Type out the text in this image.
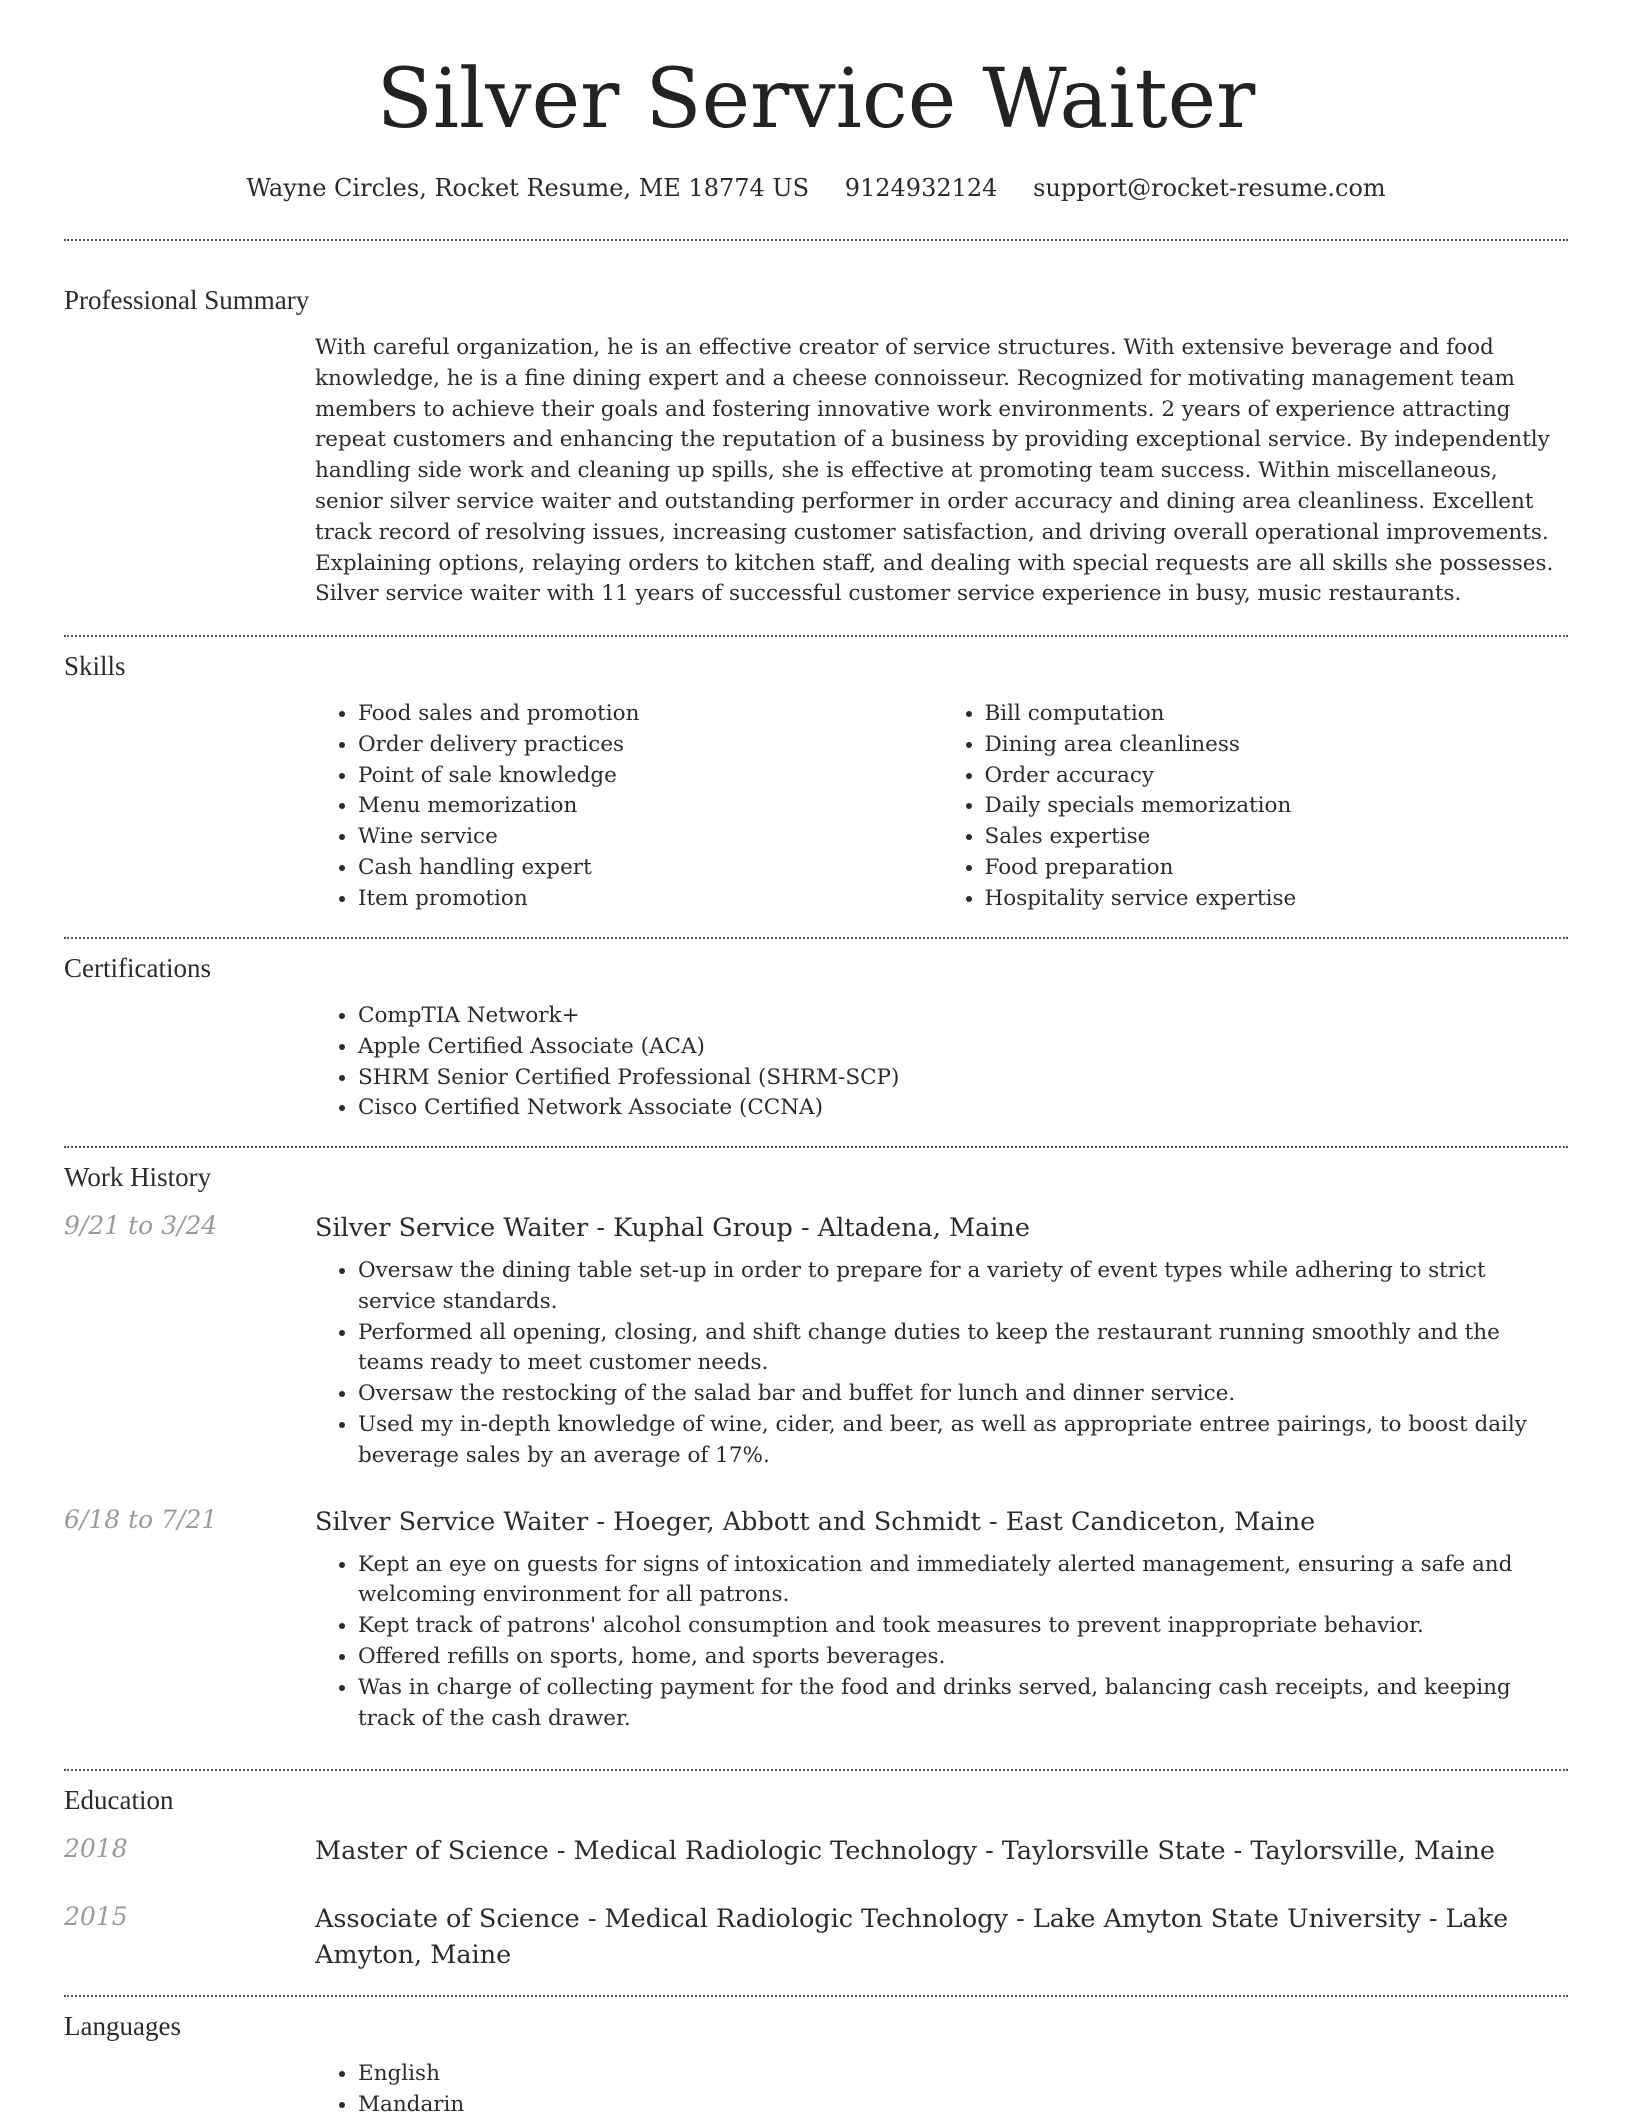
Silver Service Waiter
Wayne Circles, Rocket Resume, ME 18774 US 9124932124 support@rocket-resume.com
Professional Summary
With careful organization, he is an effective creator of service structures. With extensive beverage and food knowledge, he is a fine dining expert and a cheese connoisseur. Recognized for motivating management team members to achieve their goals and fostering innovative work environments. 2 years of experience attracting repeat customers and enhancing the reputation of a business by providing exceptional service. By independently handling side work and cleaning up spills, she is effective at promoting team success. Within miscellaneous, senior silver service waiter and outstanding performer in order accuracy and dining area cleanliness. Excellent track record of resolving issues, increasing customer satisfaction, and driving overall operational improvements. Explaining options, relaying orders to kitchen staff, and dealing with special requests are all skills she possesses. Silver service waiter with 11 years of successful customer service experience in busy, music restaurants.
Skills
• Food sales and promotion
• Order delivery practices
• Point of sale knowledge
• Menu memorization
• Wine service
• Cash handling expert
• Item promotion
• Bill computation
• Dining area cleanliness
• Order accuracy
• Daily specials memorization
• Sales expertise
• Food preparation
• Hospitality service expertise
Certifications
• CompTIA Network+
• Apple Certified Associate (ACA)
• SHRM Senior Certified Professional (SHRM-SCP)
• Cisco Certified Network Associate (CCNA)
Work History
9/21 to 3/24	Silver Service Waiter - Kuphal Group - Altadena, Maine
• Oversaw the dining table set-up in order to prepare for a variety of event types while adhering to strict service standards.
• Performed all opening, closing, and shift change duties to keep the restaurant running smoothly and the teams ready to meet customer needs.
• Oversaw the restocking of the salad bar and buffet for lunch and dinner service.
• Used my in-depth knowledge of wine, cider, and beer, as well as appropriate entree pairings, to boost daily beverage sales by an average of 17%.
6/18 to 7/21	Silver Service Waiter - Hoeger, Abbott and Schmidt - East Candiceton, Maine
• Kept an eye on guests for signs of intoxication and immediately alerted management, ensuring a safe and welcoming environment for all patrons.
• Kept track of patrons' alcohol consumption and took measures to prevent inappropriate behavior.
• Offered refills on sports, home, and sports beverages.
• Was in charge of collecting payment for the food and drinks served, balancing cash receipts, and keeping track of the cash drawer.
Education
2018	Master of Science - Medical Radiologic Technology - Taylorsville State - Taylorsville, Maine
2015	Associate of Science - Medical Radiologic Technology - Lake Amyton State University - Lake Amyton, Maine
Languages
• English
• Mandarin
